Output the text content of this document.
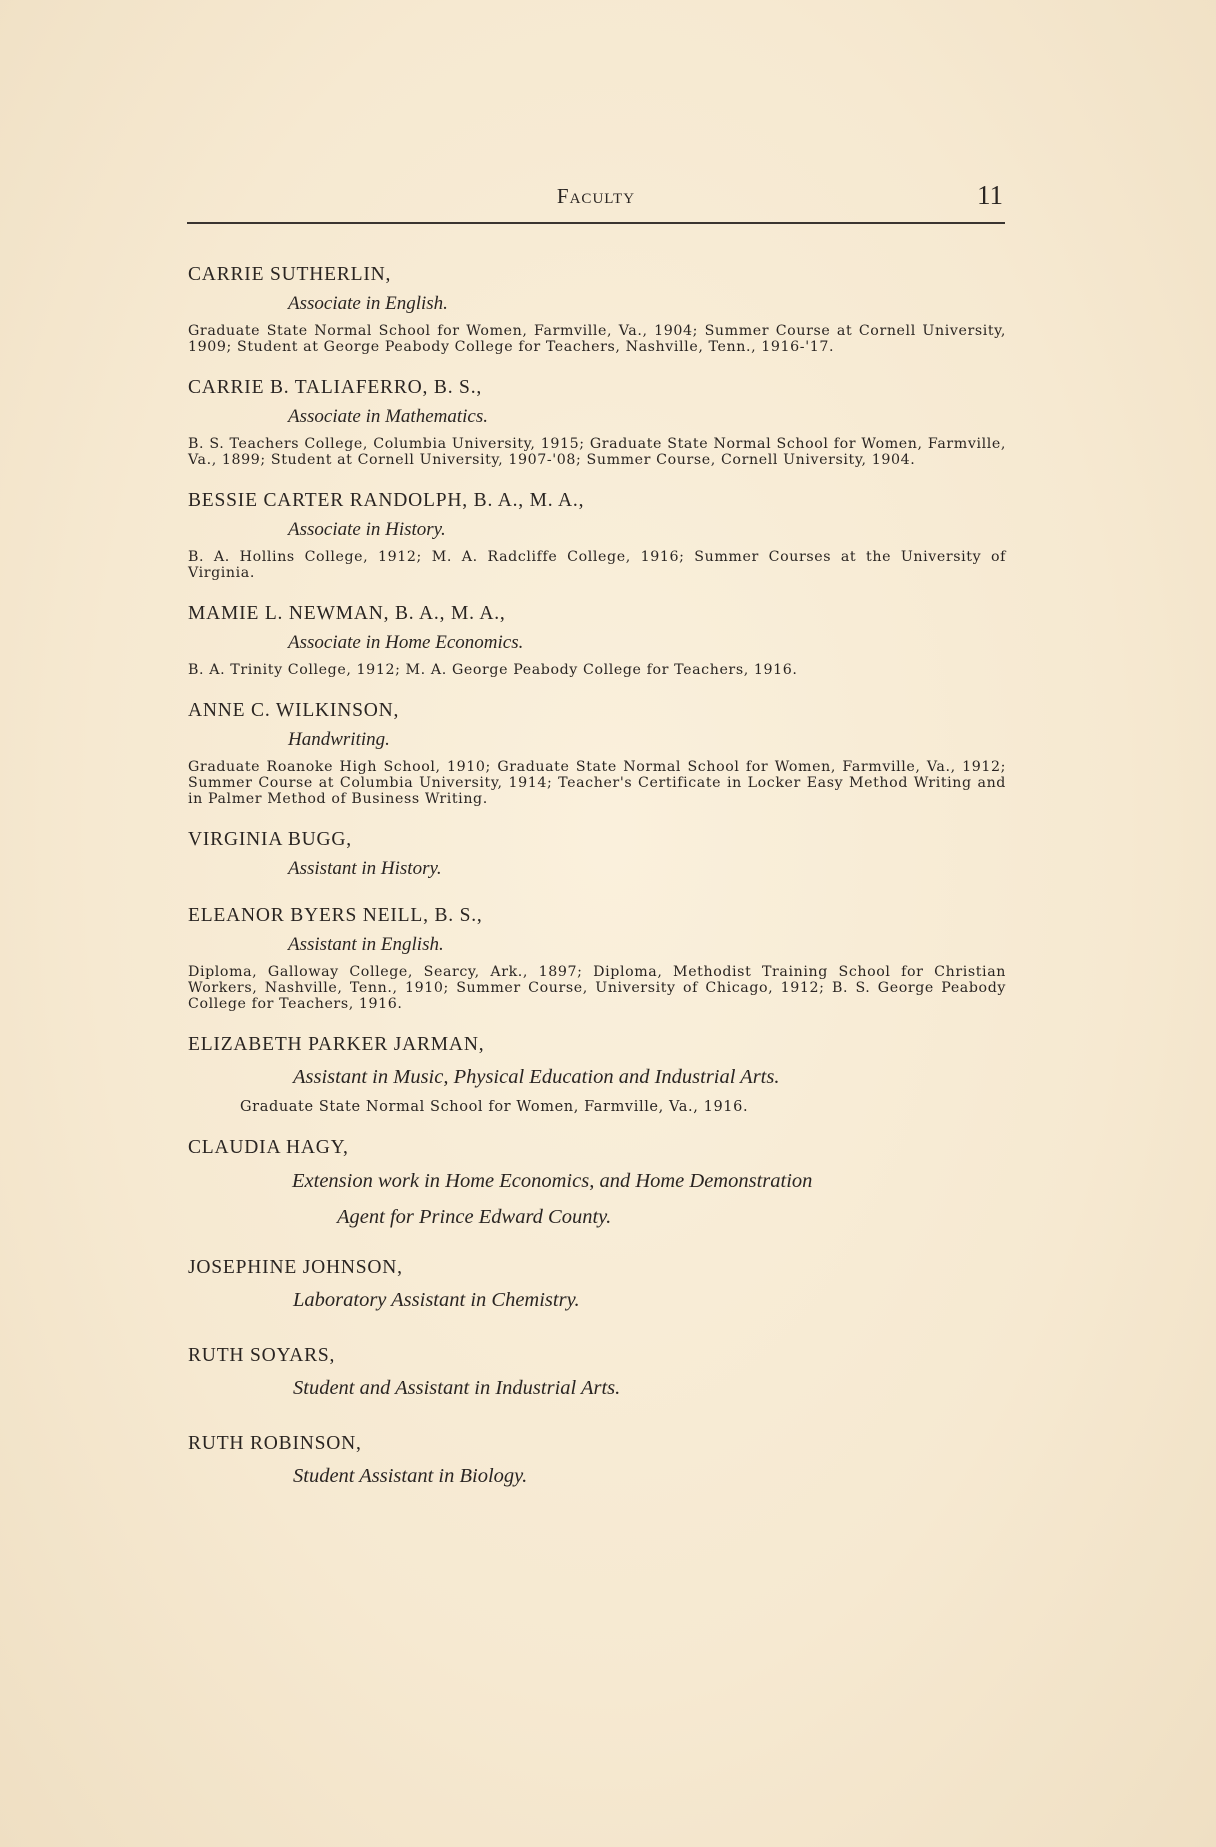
Faculty	11
CARRIE SUTHERLIN,
Associate in English.
Graduate State Normal School for Women, Farmville, Va., 1904; Summer Course at Cornell University, 1909; Student at George Peabody College for Teachers, Nashville, Tenn., 1916-'17.
CARRIE B. TALIAFERRO, B. S.,
Associate in Mathematics.
B. S. Teachers College, Columbia University, 1915; Graduate State Normal School for Women, Farmville, Va., 1899; Student at Cornell University, 1907-'08; Summer Course, Cornell University, 1904.
BESSIE CARTER RANDOLPH, B. A., M. A.,
Associate in History.
B. A. Hollins College, 1912; M. A. Radcliffe College, 1916; Summer Courses at the University of Virginia.
MAMIE L. NEWMAN, B. A., M. A.,
Associate in Home Economics.
B. A. Trinity College, 1912; M. A. George Peabody College for Teachers, 1916.
ANNE C. WILKINSON,
Handwriting.
Graduate Roanoke High School, 1910; Graduate State Normal School for Women, Farmville, Va., 1912; Summer Course at Columbia University, 1914; Teacher's Certificate in Locker Easy Method Writing and in Palmer Method of Business Writing.
VIRGINIA BUGG,
Assistant in History.
ELEANOR BYERS NEILL, B. S.,
Assistant in English.
Diploma, Galloway College, Searcy, Ark., 1897; Diploma, Methodist Training School for Christian Workers, Nashville, Tenn., 1910; Summer Course, University of Chicago, 1912; B. S. George Peabody College for Teachers, 1916.
ELIZABETH PARKER JARMAN,
Assistant in Music, Physical Education and Industrial Arts.
Graduate State Normal School for Women, Farmville, Va., 1916.
CLAUDIA HAGY,
Extension work in Home Economics, and Home Demonstration
Agent for Prince Edward County.
JOSEPHINE JOHNSON,
Laboratory Assistant in Chemistry.
RUTH SOYARS,
Student and Assistant in Industrial Arts.
RUTH ROBINSON,
Student Assistant in Biology.
